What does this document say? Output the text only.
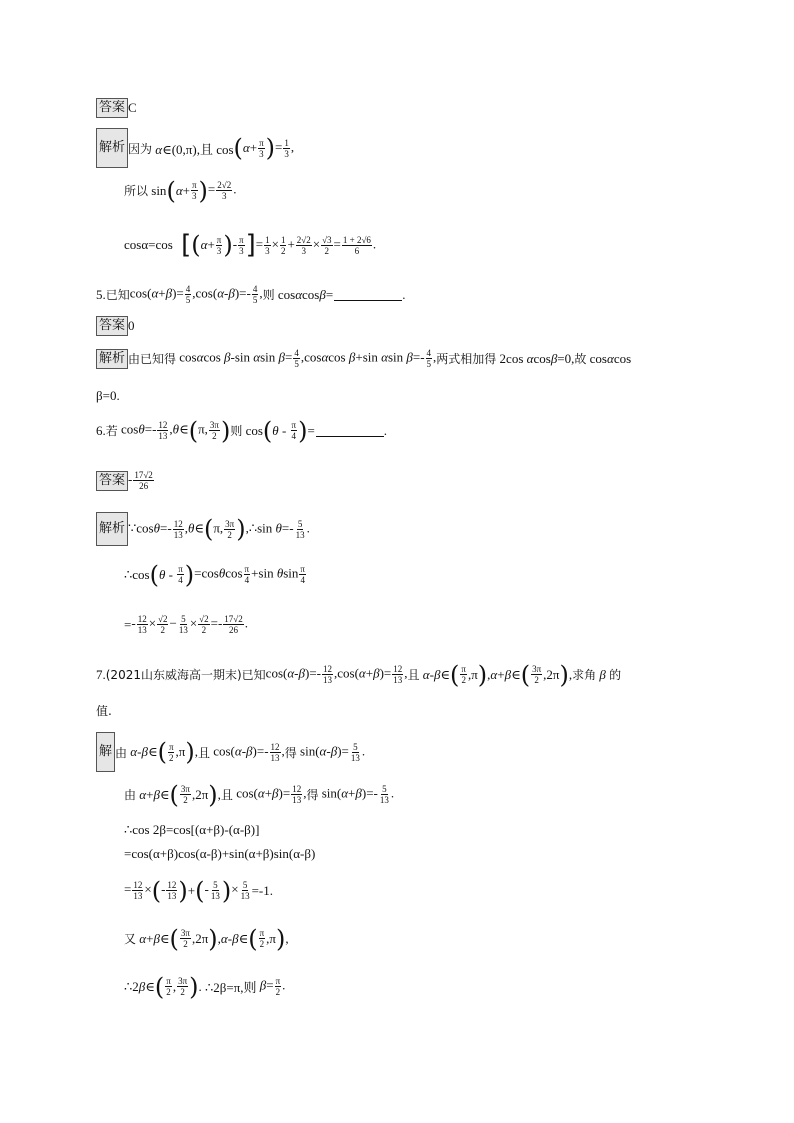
答案 C
解析 因为 α∈(0,π),且 cos ( $\alpha + \frac{\pi}{3}$ ) = $\frac{1}{3}$ ,
所以 sin ( $\alpha + \frac{\pi}{3}$ ) = $\frac{2√2}{3}$ .
cosα=cos [ ( $\alpha + \frac{\pi}{3}$ ) - $\frac{\pi}{3}$ ] = $\frac{1}{3} \times \frac{1}{2} + \frac{2√2}{3} \times \frac{√3}{2} = \frac{1 + 2√6}{6}$ .
5. 已知 $\cos(\alpha+\beta)= \frac{4}{5} ,\cos(\alpha-\beta)=- \frac{4}{5}$ , 则 cosαcosβ=	.
答案 0
解析 由已知得 cosαcos β-sin αsin $\beta= \frac{4}{5} ,\cos\alpha\cos$ β+sin αsin $\beta=- \frac{4}{5}$ , 两式相加得 2cos αcosβ=0, 故 cosαcos
β=0.
6. 若 $\cos\theta=- \frac{12}{13}$ ,θ∈ ( π, $\frac{3\pi}{2}$ ) 则 cos ( θ - $\frac{\pi}{4}$ ) =	.
答案 - $\frac{17√2}{26}$
解析 ∵cosθ=- $\frac{12}{13}$ ,θ∈ ( π, $\frac{3\pi}{2}$ ) ,∴sin $\theta=- \frac{5}{13}$ .
∴cos ( θ - $\frac{\pi}{4}$ ) $=\cos\theta\cos \frac{\pi}{4} +\sin$ θsin $\frac{\pi}{4}$
= - $\frac{12}{13} \times \frac{√2}{2} - \frac{5}{13} \times \frac{√2}{2} =- \frac{17√2}{26}$ .
7. (2021山东威海高一期末) 已知 $\cos(\alpha-\beta)=- \frac{12}{13} ,\cos(\alpha+\beta)= \frac{12}{13}$ , 且 α-β∈ ( $\frac{\pi}{2} ,\pi$ ) ,α+β∈ ( $\frac{3\pi}{2} ,2\pi$ ) , 求角 β 的
值.
解 由 α-β∈ ( $\frac{\pi}{2} ,\pi$ ) , 且 $\cos(\alpha-\beta)=- \frac{12}{13}$ , 得 $\sin(\alpha-\beta)= \frac{5}{13}$ .
由 α+β∈ ( $\frac{3\pi}{2} ,2\pi$ ) , 且 $\cos(\alpha+\beta)= \frac{12}{13}$ , 得 $\sin(\alpha+\beta)=- \frac{5}{13}$ .
∴cos 2β=cos[(α+β)-(α-β)]
=cos(α+β)cos(α-β)+sin(α+β)sin(α-β)
= $\frac{12}{13}$ × ( - $\frac{12}{13}$ ) + ( - $\frac{5}{13}$ ) × $\frac{5}{13} =-1$.
又 α+β∈ ( $\frac{3\pi}{2} ,2\pi$ ) ,α-β∈ ( $\frac{\pi}{2} ,\pi$ ) ,
∴2β∈ ( $\frac{\pi}{2}$ , $\frac{3\pi}{2}$ ) . ∴2β=π,则 $\beta= \frac{\pi}{2}$ .
